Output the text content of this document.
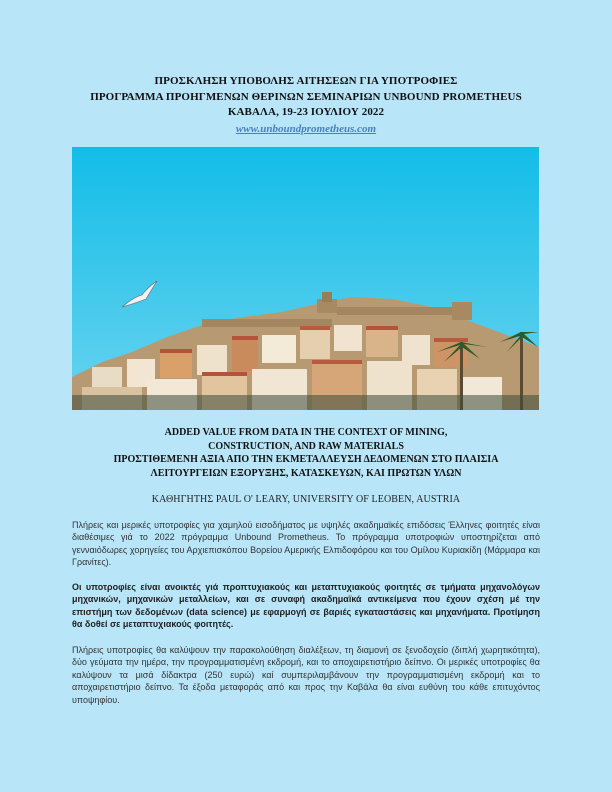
ΠΡΟΣΚΛΗΣΗ ΥΠΟΒΟΛΗΣ ΑΙΤΗΣΕΩΝ ΓΙΑ ΥΠΟΤΡΟΦΙΕΣ
ΠΡΟΓΡΑΜΜΑ ΠΡΟΗΓΜΕΝΩΝ ΘΕΡΙΝΩΝ ΣΕΜΙΝΑΡΙΩΝ UNBOUND PROMETHEUS
ΚΑΒΑΛΑ, 19-23 ΙΟΥΛΙΟΥ 2022
www.unboundprometheus.com
ADDED VALUE FROM DATA IN THE CONTEXT OF MINING,
CONSTRUCTION, AND RAW MATERIALS
ΠΡΟΣΤΙΘΕΜΕΝΗ ΑΞΙΑ ΑΠΟ ΤΗΝ ΕΚΜΕΤΑΛΛΕΥΣΗ ΔΕΔΟΜΕΝΩΝ ΣΤΟ ΠΛΑΙΣΙΑ
ΛΕΙΤΟΥΡΓΕΙΩΝ ΕΞΟΡΥΞΗΣ, ΚΑΤΑΣΚΕΥΩΝ, ΚΑΙ ΠΡΩΤΩΝ ΥΛΩΝ
ΚΑΘΗΓΗΤΗΣ PAUL O' LEARY, UNIVERSITY OF LEOBEN, AUSTRIA
Πλήρεις και μερικές υποτροφίες για χαμηλού εισοδήματος με υψηλές ακαδημαϊκές επιδόσεις Έλληνες φοιτητές είναι διαθέσιμες γιά το 2022 πρόγραμμα Unbound Prometheus. Το πρόγραμμα υποτροφιών υποστηρίζεται από γενναιόδωρες χορηγείες του Αρχιεπισκόπου Βορείου Αμερικής Ελπιδοφόρου και του Ομίλου Κυριακίδη (Μάρμαρα και Γρανίτες).
Οι υποτροφίες είναι ανοικτές γιά προπτυχιακούς και μεταπτυχιακούς φοιτητές σε τμήματα μηχανολόγων μηχανικών, μηχανικών μεταλλείων, και σε συναφή ακαδημαϊκά αντικείμενα που έχουν σχέση μέ την επιστήμη των δεδομένων (data science) με εφαρμογή σε βαριές εγκαταστάσεις και μηχανήματα. Προτίμηση θα δοθεί σε μεταπτυχιακούς φοιτητές.
Πλήρεις υποτροφίες θα καλύψουν την παρακολούθηση διαλέξεων, τη διαμονή σε ξενοδοχείο (διπλή χωρητικότητα), δύο γεύματα την ημέρα, την προγραμματισμένη εκδρομή, και το αποχαιρετιστήριο δείπνο. Οι μερικές υποτροφίες θα καλύψουν τα μισά δίδακτρα (250 ευρώ) καί συμπεριλαμβάνουν την προγραμματισμένη εκδρομή και το αποχαιρετιστήριο δείπνο. Τα έξοδα μεταφοράς από και προς την Καβάλα θα είναι ευθύνη του κάθε επιτυχόντος υποψηφίου.
